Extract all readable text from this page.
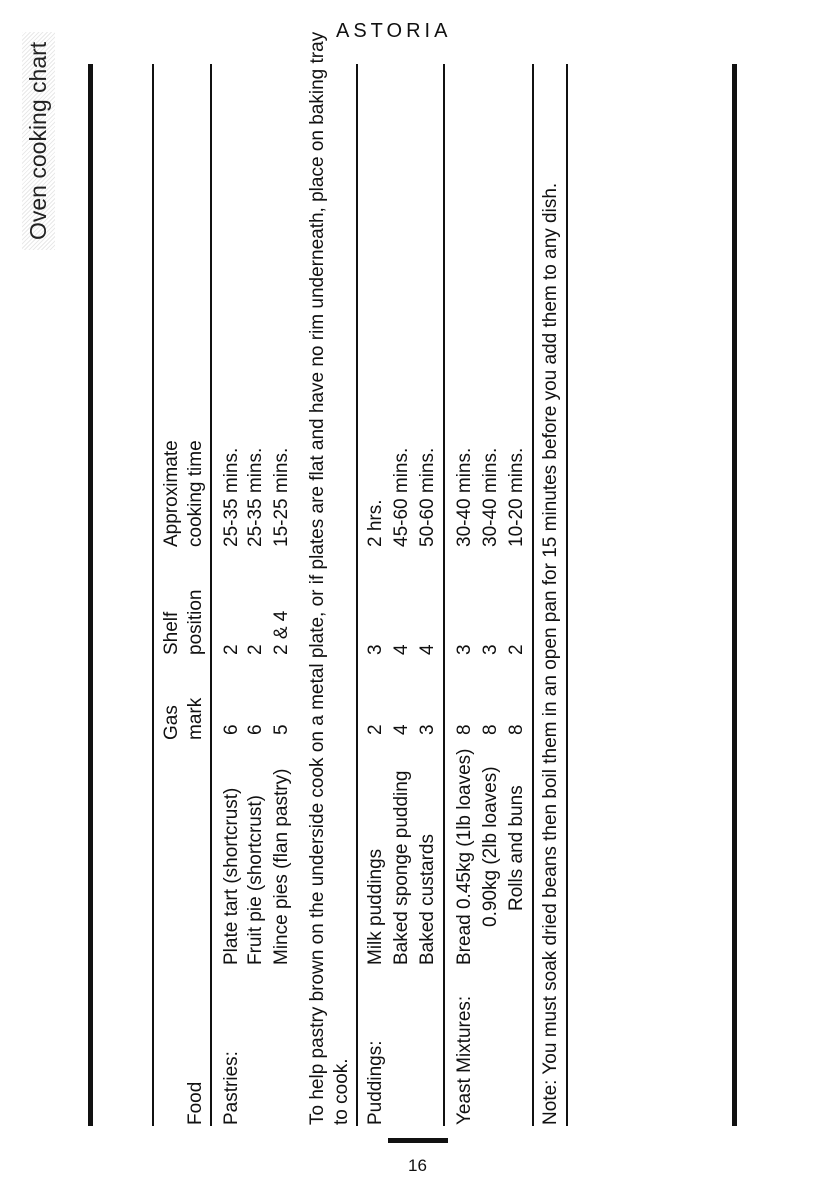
ASTORIA
Oven cooking chart
Gas
Shelf
Approximate
Food
mark
position
cooking time
Pastries:
Plate tart (shortcrust)
6
2
25-35 mins.
Fruit pie (shortcrust)
6
2
25-35 mins.
Mince pies (flan pastry)
5
2 & 4
15-25 mins. To help pastry brown on the underside cook on a metal plate, or if plates are flat and have no rim underneath, place on baking tray to cook. Puddings:
Milk puddings
2
3
2 hrs.
Baked sponge pudding
4
4
45-60 mins.
Baked custards
3
4
50-60 mins.
Yeast Mixtures:
Bread 0.45kg (1lb loaves)
8
3
30-40 mins.
0.90kg (2lb loaves)
8
3
30-40 mins.
Rolls and buns
8
2
10-20 mins. Note: You must soak dried beans then boil them in an open pan for 15 minutes before you add them to any dish.
16
